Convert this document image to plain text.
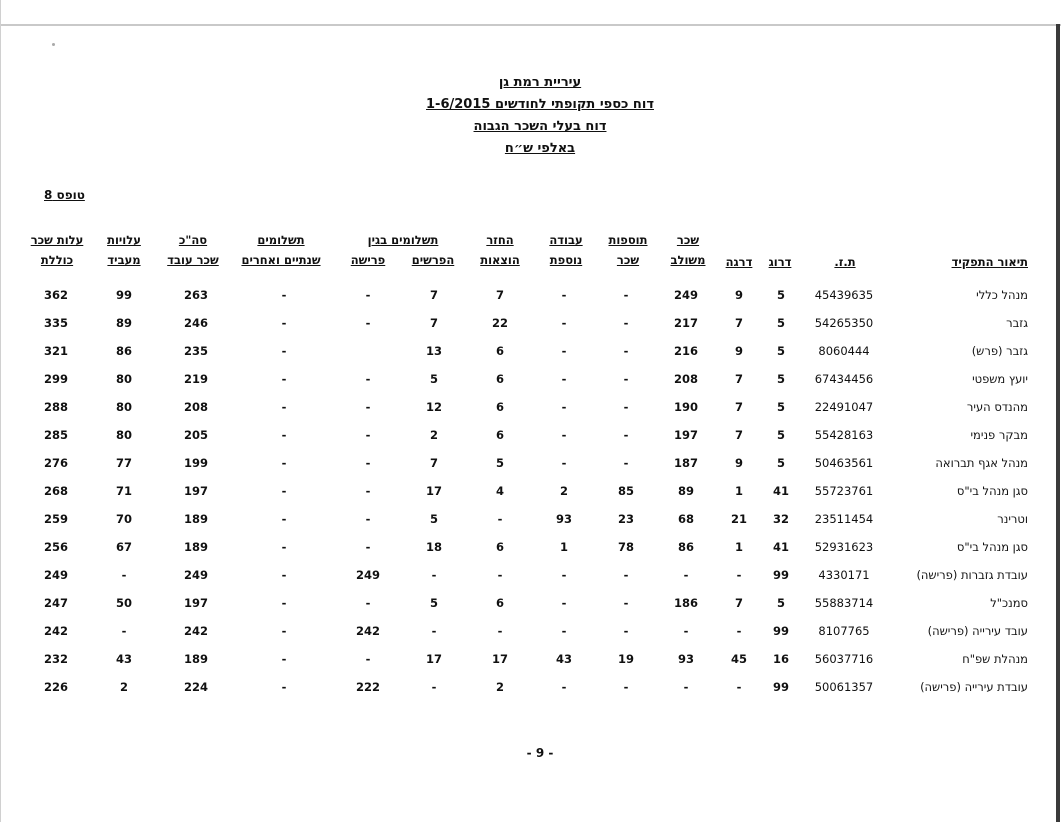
עיריית רמת גן
דוח כספי תקופתי לחודשים 1-6/2015
דוח בעלי השכר הגבוה
באלפי ש״ח
טופס 8
תיאור התפקיד
ת.ז.
דרוג
דרגה
שכר
משולב
תוספות
שכר
עבודה
נוספת
החזר
הוצאות
תשלומים בגין
הפרשים
פרישה
תשלומים
שנתיים ואחרים
סה"כ
שכר עובד
עלויות
מעביד
עלות שכר
כוללת
מנהל כללי
45439635
5
9
249
-
-
7
7
-
-
263
99
362
גזבר
54265350
5
7
217
-
-
22
7
-
-
246
89
335
גזבר (פרש)
8060444
5
9
216
-
-
6
13
-
235
86
321
יועץ משפטי
67434456
5
7
208
-
-
6
5
-
-
219
80
299
מהנדס העיר
22491047
5
7
190
-
-
6
12
-
-
208
80
288
מבקר פנימי
55428163
5
7
197
-
-
6
2
-
-
205
80
285
מנהל אגף תברואה
50463561
5
9
187
-
-
5
7
-
-
199
77
276
סגן מנהל בי"ס
55723761
41
1
89
85
2
4
17
-
-
197
71
268
וטרינר
23511454
32
21
68
23
93
-
5
-
-
189
70
259
סגן מנהל בי"ס
52931623
41
1
86
78
1
6
18
-
-
189
67
256
עובדת גזברות (פרישה)
4330171
99
-
-
-
-
-
-
249
-
249
-
249
סמנכ"ל
55883714
5
7
186
-
-
6
5
-
-
197
50
247
עובד עירייה (פרישה)
8107765
99
-
-
-
-
-
-
242
-
242
-
242
מנהלת שפ"ח
56037716
16
45
93
19
43
17
17
-
-
189
43
232
עובדת עירייה (פרישה)
50061357
99
-
-
-
-
2
-
222
-
224
2
226
- 9 -
